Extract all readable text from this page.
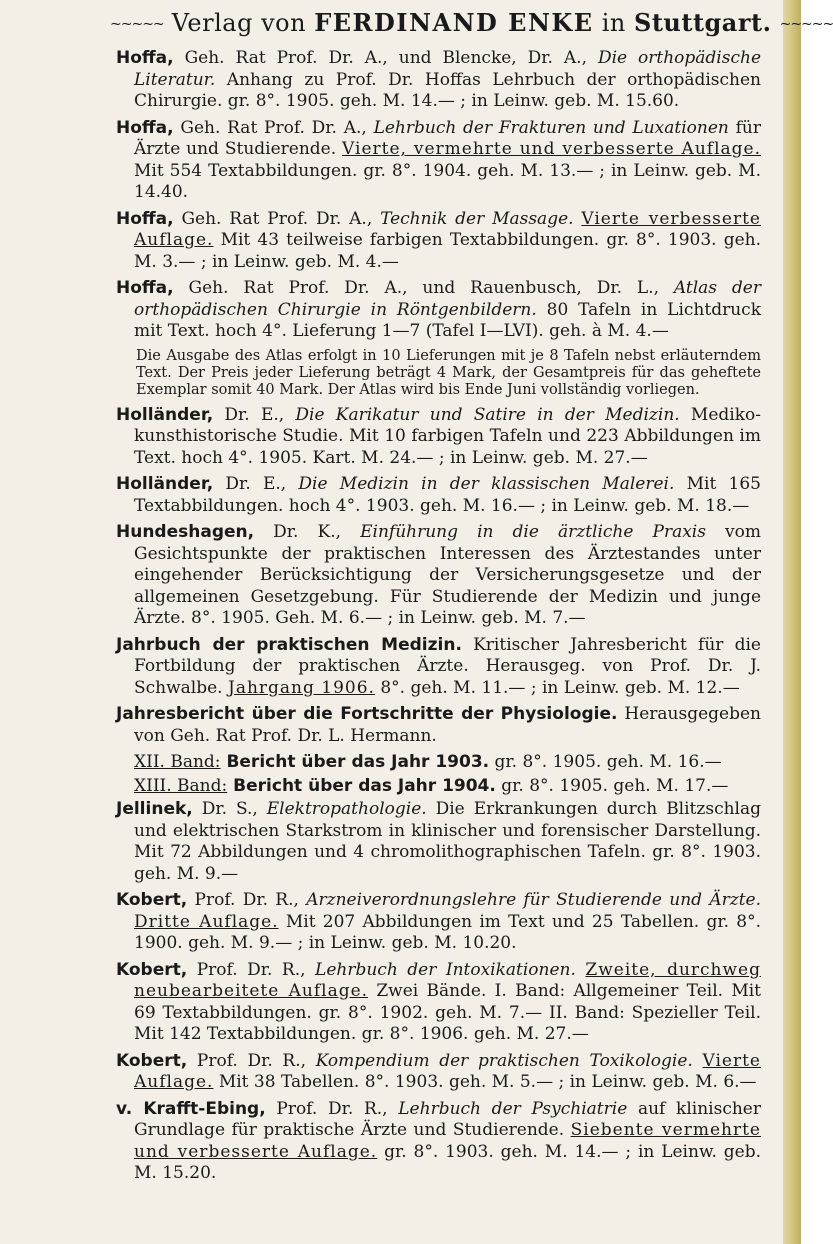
~~~~~ Verlag von FERDINAND ENKE in Stuttgart. ~~~~~
Hoffa, Geh. Rat Prof. Dr. A., und Blencke, Dr. A., Die orthopädische Literatur. Anhang zu Prof. Dr. Hoffas Lehrbuch der orthopädischen Chirurgie. gr. 8°. 1905. geh. M. 14.— ; in Leinw. geb. M. 15.60.
Hoffa, Geh. Rat Prof. Dr. A., Lehrbuch der Frakturen und Luxationen für Ärzte und Studierende. Vierte, vermehrte und verbesserte Auflage. Mit 554 Textabbildungen. gr. 8°. 1904. geh. M. 13.— ; in Leinw. geb. M. 14.40.
Hoffa, Geh. Rat Prof. Dr. A., Technik der Massage. Vierte verbesserte Auflage. Mit 43 teilweise farbigen Textabbildungen. gr. 8°. 1903. geh. M. 3.— ; in Leinw. geb. M. 4.—
Hoffa, Geh. Rat Prof. Dr. A., und Rauenbusch, Dr. L., Atlas der orthopädischen Chirurgie in Röntgenbildern. 80 Tafeln in Lichtdruck mit Text. hoch 4°. Lieferung 1—7 (Tafel I—LVI). geh. à M. 4.—
Die Ausgabe des Atlas erfolgt in 10 Lieferungen mit je 8 Tafeln nebst erläuterndem Text. Der Preis jeder Lieferung beträgt 4 Mark, der Gesamtpreis für das geheftete Exemplar somit 40 Mark. Der Atlas wird bis Ende Juni vollständig vorliegen.
Holländer, Dr. E., Die Karikatur und Satire in der Medizin. Mediko-kunsthistorische Studie. Mit 10 farbigen Tafeln und 223 Abbildungen im Text. hoch 4°. 1905. Kart. M. 24.— ; in Leinw. geb. M. 27.—
Holländer, Dr. E., Die Medizin in der klassischen Malerei. Mit 165 Textabbildungen. hoch 4°. 1903. geh. M. 16.— ; in Leinw. geb. M. 18.—
Hundeshagen, Dr. K., Einführung in die ärztliche Praxis vom Gesichtspunkte der praktischen Interessen des Ärztestandes unter eingehender Berücksichtigung der Versicherungsgesetze und der allgemeinen Gesetzgebung. Für Studierende der Medizin und junge Ärzte. 8°. 1905. Geh. M. 6.— ; in Leinw. geb. M. 7.—
Jahrbuch der praktischen Medizin. Kritischer Jahresbericht für die Fortbildung der praktischen Ärzte. Herausgeg. von Prof. Dr. J. Schwalbe. Jahrgang 1906. 8°. geh. M. 11.— ; in Leinw. geb. M. 12.—
Jahresbericht über die Fortschritte der Physiologie. Herausgegeben von Geh. Rat Prof. Dr. L. Hermann.
XII. Band: Bericht über das Jahr 1903. gr. 8°. 1905. geh. M. 16.—
XIII. Band: Bericht über das Jahr 1904. gr. 8°. 1905. geh. M. 17.—
Jellinek, Dr. S., Elektropathologie. Die Erkrankungen durch Blitzschlag und elektrischen Starkstrom in klinischer und forensischer Darstellung. Mit 72 Abbildungen und 4 chromolithographischen Tafeln. gr. 8°. 1903. geh. M. 9.—
Kobert, Prof. Dr. R., Arzneiverordnungslehre für Studierende und Ärzte. Dritte Auflage. Mit 207 Abbildungen im Text und 25 Tabellen. gr. 8°. 1900. geh. M. 9.— ; in Leinw. geb. M. 10.20.
Kobert, Prof. Dr. R., Lehrbuch der Intoxikationen. Zweite, durchweg neubearbeitete Auflage. Zwei Bände. I. Band: Allgemeiner Teil. Mit 69 Textabbildungen. gr. 8°. 1902. geh. M. 7.— II. Band: Spezieller Teil. Mit 142 Textabbildungen. gr. 8°. 1906. geh. M. 27.—
Kobert, Prof. Dr. R., Kompendium der praktischen Toxikologie. Vierte Auflage. Mit 38 Tabellen. 8°. 1903. geh. M. 5.— ; in Leinw. geb. M. 6.—
v. Krafft-Ebing, Prof. Dr. R., Lehrbuch der Psychiatrie auf klinischer Grundlage für praktische Ärzte und Studierende. Siebente vermehrte und verbesserte Auflage. gr. 8°. 1903. geh. M. 14.— ; in Leinw. geb. M. 15.20.
